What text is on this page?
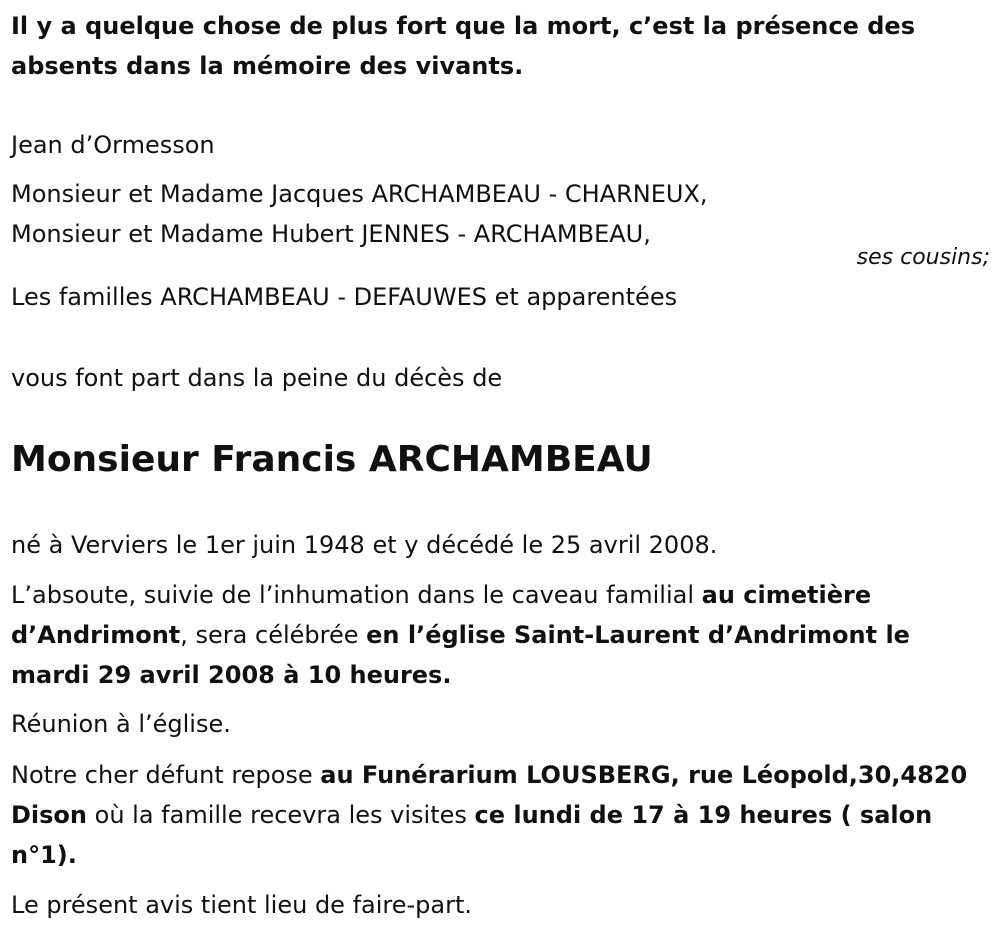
Il y a quelque chose de plus fort que la mort, c’est la présence des absents dans la mémoire des vivants.

Jean d’Ormesson

Monsieur et Madame Jacques ARCHAMBEAU - CHARNEUX,

Monsieur et Madame Hubert JENNES - ARCHAMBEAU,

ses cousins;

Les familles ARCHAMBEAU - DEFAUWES et apparentées

vous font part dans la peine du décès de

Monsieur Francis ARCHAMBEAU

né à Verviers le 1er juin 1948 et y décédé le 25 avril 2008.

L’absoute, suivie de l’inhumation dans le caveau familial au cimetière d’Andrimont, sera célébrée en l’église Saint-Laurent d’Andrimont le mardi 29 avril 2008 à 10 heures.

Réunion à l’église.

Notre cher défunt repose au Funérarium LOUSBERG, rue Léopold,30,4820 Dison où la famille recevra les visites ce lundi de 17 à 19 heures ( salon n°1).

Le présent avis tient lieu de faire-part.
